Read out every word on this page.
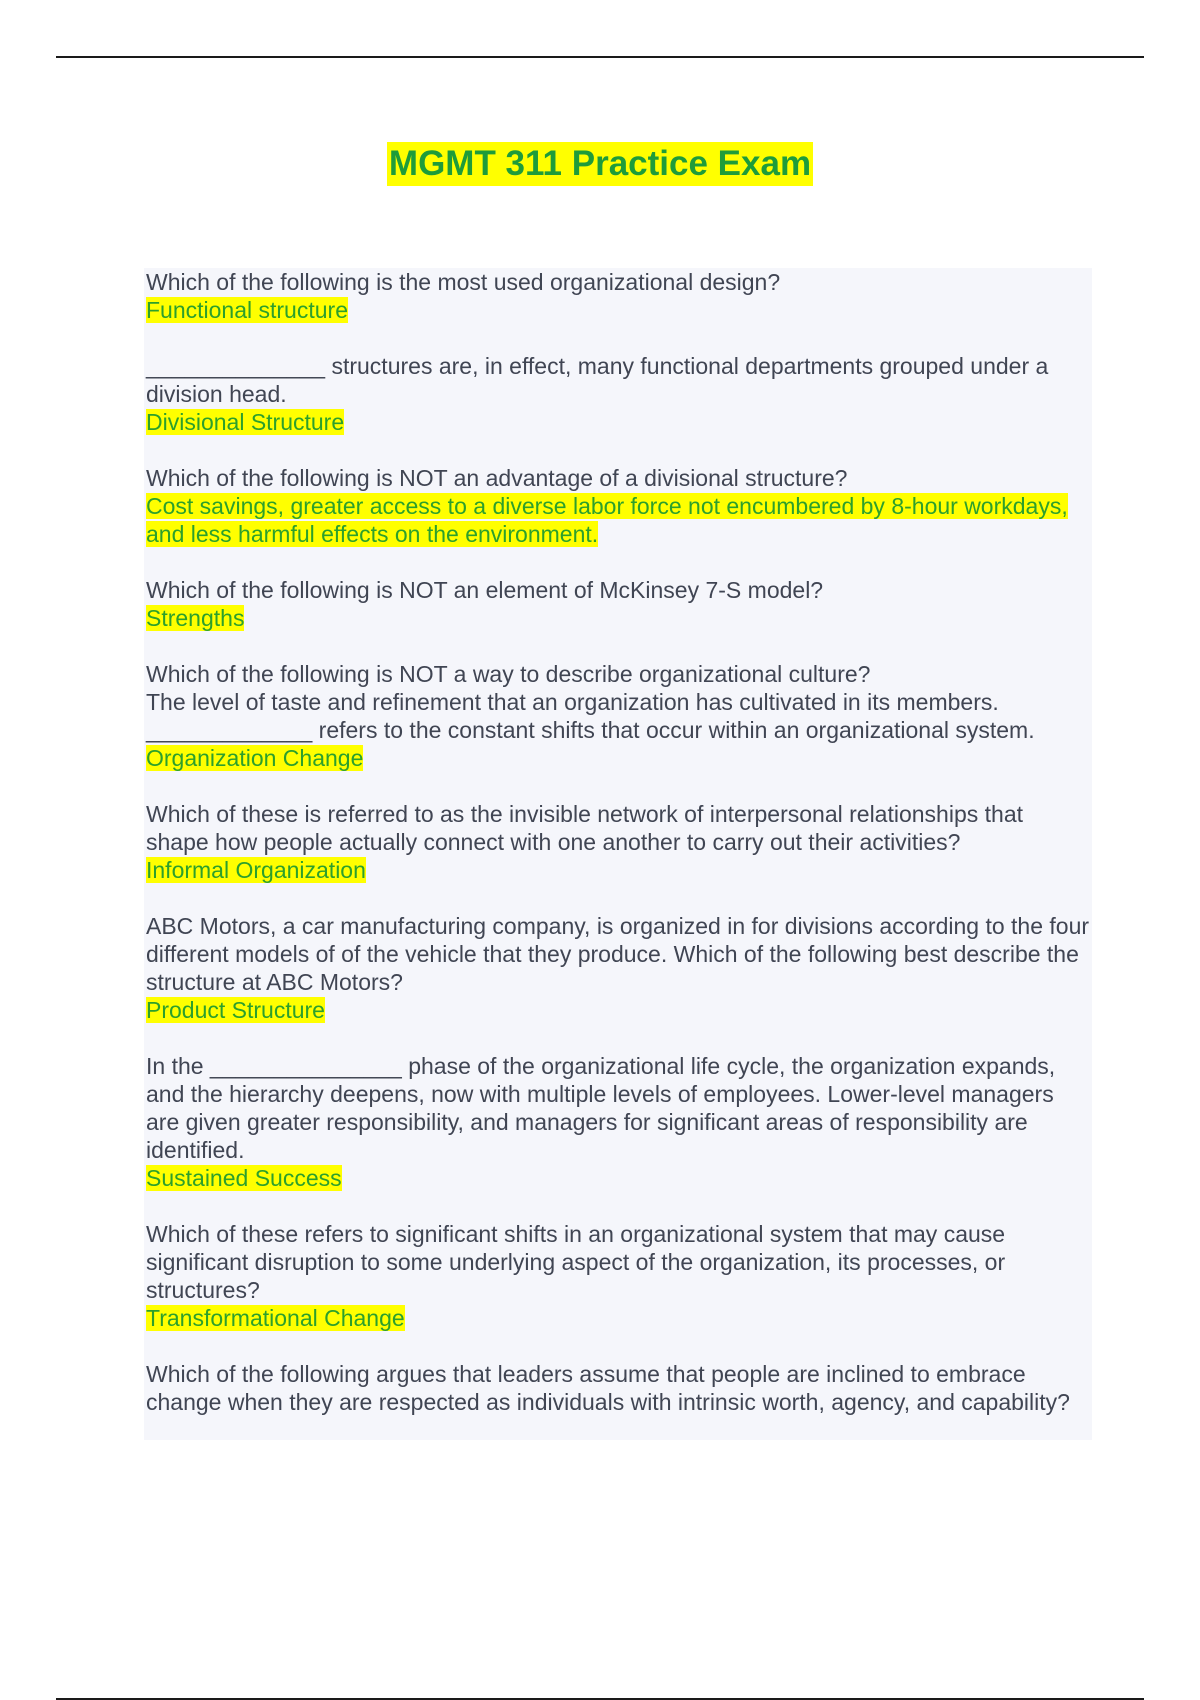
MGMT 311 Practice Exam

Which of the following is the most used organizational design?

Functional structure

______________ structures are, in effect, many functional departments grouped under a division head.

Divisional Structure

Which of the following is NOT an advantage of a divisional structure?

Cost savings, greater access to a diverse labor force not encumbered by 8-hour workdays, and less harmful effects on the environment.

Which of the following is NOT an element of McKinsey 7-S model?

Strengths

Which of the following is NOT a way to describe organizational culture?
The level of taste and refinement that an organization has cultivated in its members.
_____________ refers to the constant shifts that occur within an organizational system.

Organization Change

Which of these is referred to as the invisible network of interpersonal relationships that shape how people actually connect with one another to carry out their activities?

Informal Organization

ABC Motors, a car manufacturing company, is organized in for divisions according to the four different models of of the vehicle that they produce. Which of the following best describe the structure at ABC Motors?

Product Structure

In the _______________ phase of the organizational life cycle, the organization expands, and the hierarchy deepens, now with multiple levels of employees. Lower-level managers are given greater responsibility, and managers for significant areas of responsibility are identified.

Sustained Success

Which of these refers to significant shifts in an organizational system that may cause significant disruption to some underlying aspect of the organization, its processes, or structures?

Transformational Change

Which of the following argues that leaders assume that people are inclined to embrace change when they are respected as individuals with intrinsic worth, agency, and capability?
